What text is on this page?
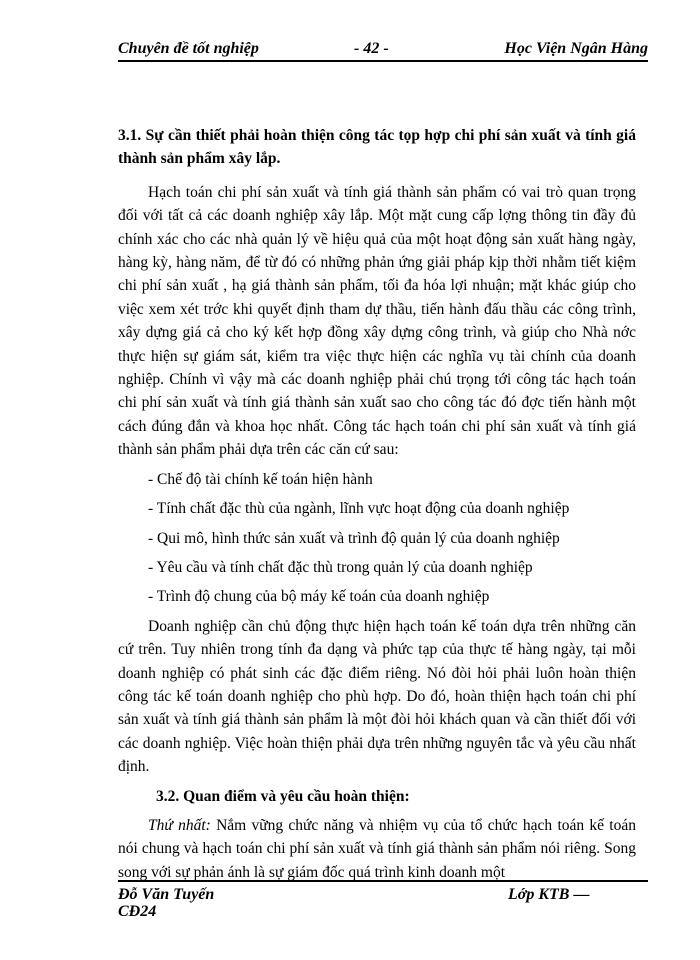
Chuyên đề tốt nghiệp	- 42 -	Học Viện Ngân Hàng

3.1. Sự cần thiết phải hoàn thiện công tác tọp hợp chi phí sản xuất và tính giá thành sản phẩm xây lắp.

Hạch toán chi phí sản xuất và tính giá thành sản phẩm có vai trò quan trọng đối với tất cả các doanh nghiệp xây lắp. Một mặt cung cấp lợng thông tin đầy đủ chính xác cho các nhà quản lý về hiệu quả của một hoạt động sản xuất hàng ngày, hàng kỳ, hàng năm, để từ đó có những phản ứng giải pháp kịp thời nhằm tiết kiệm chi phí sản xuất , hạ giá thành sản phẩm, tối đa hóa lợi nhuận; mặt khác giúp cho việc xem xét trớc khi quyết định tham dự thầu, tiến hành đấu thầu các công trình, xây dựng giá cả cho ký kết hợp đồng xây dựng công trình, và giúp cho Nhà nớc thực hiện sự giám sát, kiểm tra việc thực hiện các nghĩa vụ tài chính của doanh nghiệp. Chính vì vậy mà các doanh nghiệp phải chú trọng tới công tác hạch toán chi phí sản xuất và tính giá thành sản xuất sao cho công tác đó đợc tiến hành một cách đúng đắn và khoa học nhất. Công tác hạch toán chi phí sản xuất và tính giá thành sản phẩm phải dựa trên các căn cứ sau:

- Chế độ tài chính kế toán hiện hành

- Tính chất đặc thù của ngành, lĩnh vực hoạt động của doanh nghiệp

- Qui mô, hình thức sản xuất và trình độ quản lý của doanh nghiệp

- Yêu cầu và tính chất đặc thù trong quản lý của doanh nghiệp

- Trình độ chung của bộ máy kế toán của doanh nghiệp

Doanh nghiệp cần chủ động thực hiện hạch toán kế toán dựa trên những căn cứ trên. Tuy nhiên trong tính đa dạng và phức tạp của thực tế hàng ngày, tại mỗi doanh nghiệp có phát sinh các đặc điểm riêng. Nó đòi hỏi phải luôn hoàn thiện công tác kế toán doanh nghiệp cho phù hợp. Do đó, hoàn thiện hạch toán chi phí sản xuất và tính giá thành sản phẩm là một đòi hỏi khách quan và cần thiết đối với các doanh nghiệp. Việc hoàn thiện phải dựa trên những nguyên tắc và yêu cầu nhất định.

3.2. Quan điểm và yêu cầu hoàn thiện:

Thứ nhất: Nắm vững chức năng và nhiệm vụ của tổ chức hạch toán kế toán nói chung và hạch toán chi phí sản xuất và tính giá thành sản phẩm nói riêng. Song song với sự phản ánh là sự giám đốc quá trình kinh doanh một

Đỗ Văn Tuyến
CĐ24
Lớp KTB —
